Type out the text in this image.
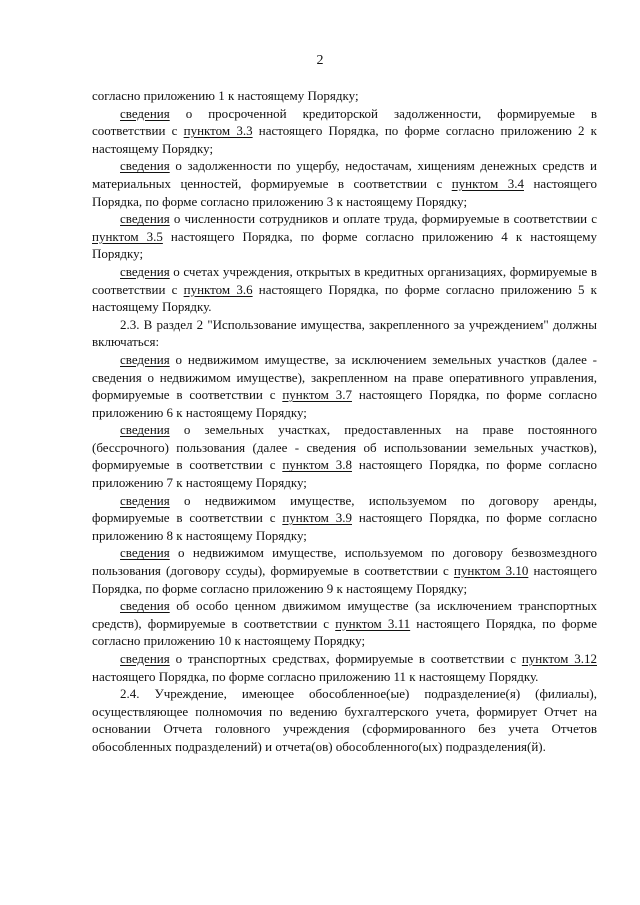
2

согласно приложению 1 к настоящему Порядку;

сведения о просроченной кредиторской задолженности, формируемые в соответствии с пунктом 3.3 настоящего Порядка, по форме согласно приложению 2 к настоящему Порядку;

сведения о задолженности по ущербу, недостачам, хищениям денежных средств и материальных ценностей, формируемые в соответствии с пунктом 3.4 настоящего Порядка, по форме согласно приложению 3 к настоящему Порядку;

сведения о численности сотрудников и оплате труда, формируемые в соответствии с пунктом 3.5 настоящего Порядка, по форме согласно приложению 4 к настоящему Порядку;

сведения о счетах учреждения, открытых в кредитных организациях, формируемые в соответствии с пунктом 3.6 настоящего Порядка, по форме согласно приложению 5 к настоящему Порядку.

2.3. В раздел 2 "Использование имущества, закрепленного за учреждением" должны включаться:

сведения о недвижимом имуществе, за исключением земельных участков (далее - сведения о недвижимом имуществе), закрепленном на праве оперативного управления, формируемые в соответствии с пунктом 3.7 настоящего Порядка, по форме согласно приложению 6 к настоящему Порядку;

сведения о земельных участках, предоставленных на праве постоянного (бессрочного) пользования (далее - сведения об использовании земельных участков), формируемые в соответствии с пунктом 3.8 настоящего Порядка, по форме согласно приложению 7 к настоящему Порядку;

сведения о недвижимом имуществе, используемом по договору аренды, формируемые в соответствии с пунктом 3.9 настоящего Порядка, по форме согласно приложению 8 к настоящему Порядку;

сведения о недвижимом имуществе, используемом по договору безвозмездного пользования (договору ссуды), формируемые в соответствии с пунктом 3.10 настоящего Порядка, по форме согласно приложению 9 к настоящему Порядку;

сведения об особо ценном движимом имуществе (за исключением транспортных средств), формируемые в соответствии с пунктом 3.11 настоящего Порядка, по форме согласно приложению 10 к настоящему Порядку;

сведения о транспортных средствах, формируемые в соответствии с пунктом 3.12 настоящего Порядка, по форме согласно приложению 11 к настоящему Порядку.

2.4. Учреждение, имеющее обособленное(ые) подразделение(я) (филиалы), осуществляющее полномочия по ведению бухгалтерского учета, формирует Отчет на основании Отчета головного учреждения (сформированного без учета Отчетов обособленных подразделений) и отчета(ов) обособленного(ых) подразделения(й).
